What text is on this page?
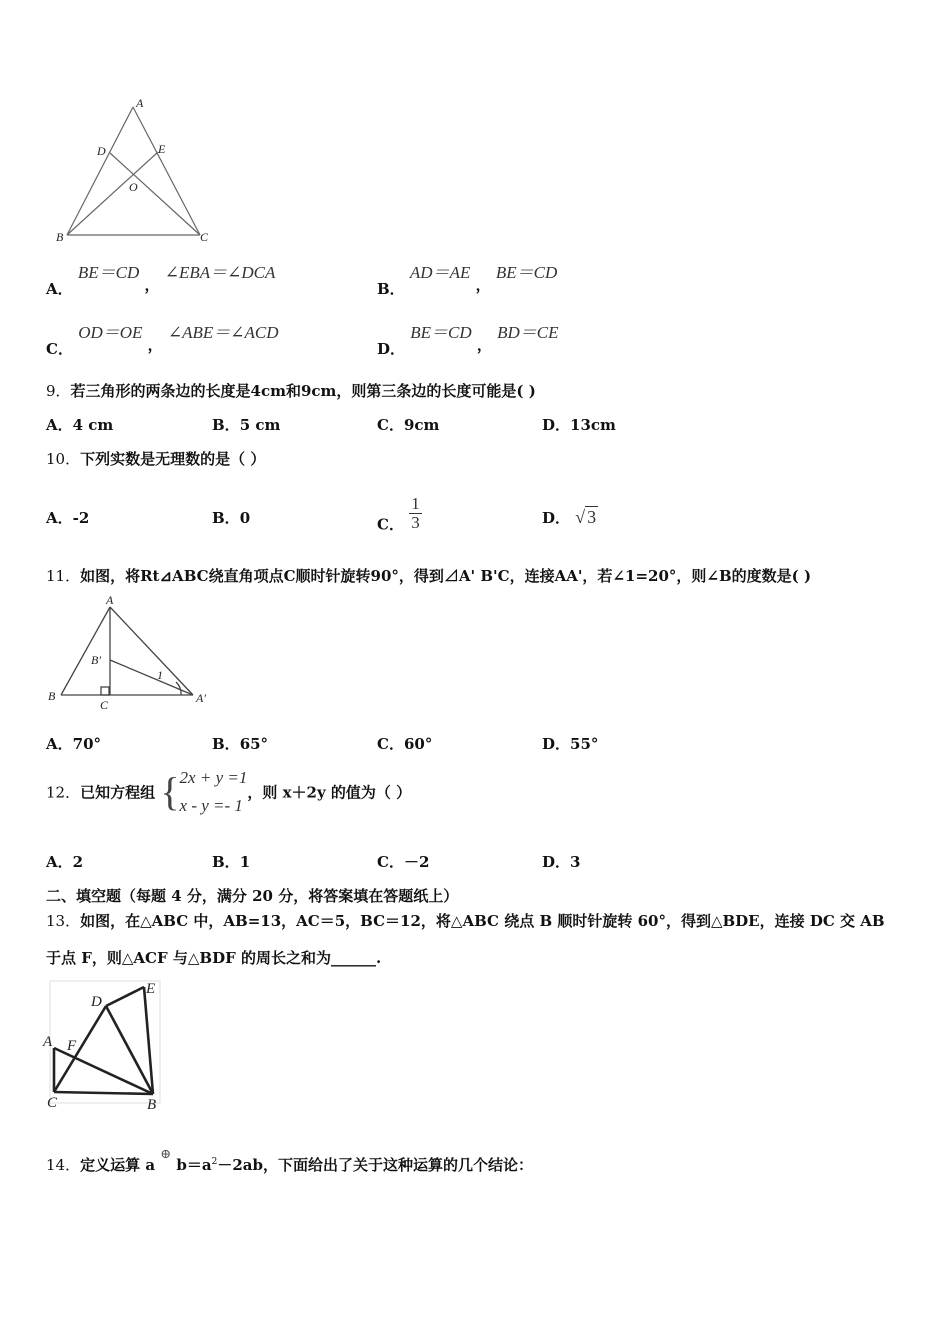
A
D	E
O
B	C
A． BE＝CD ， ∠EBA＝∠DCA
B． AD＝AE ， BE＝CD
C． OD＝OE ， ∠ABE＝∠ACD
D． BE＝CD ， BD＝CE
9．若三角形的两条边的长度是4cm和9cm，则第三条边的长度可能是( )
A．4 cm	B．5 cm	C．9cm	D．13cm
10．下列实数是无理数的是（ ）
A．-2	B．0	C． $\frac{1}{3}$	D． √ 3
11．如图，将Rt⊿ABC绕直角项点C顺时针旋转90°，得到⊿A' B'C，连接AA'，若∠1=20°，则∠B的度数是( )
A
B′
1
B
C	A′
A．70°	B．65°	C．60°	D．55°
12．已知方程组 { 2x + y =1
x - y =- 1
，则 x＋2y 的值为（ ）
A．2	B．1	C．－2	D．3
二、填空题（每题 4 分，满分 20 分，将答案填在答题纸上）
13．如图，在△ABC 中，AB=13，AC＝5，BC＝12，将△ABC 绕点 B 顺时针旋转 60°，得到△BDE，连接 DC 交 AB
于点 F，则△ACF 与△BDF 的周长之和为______.
D
E
A F
C	B
14．定义运算 a ⊕ $b=a^2-2ab$，下面给出了关于这种运算的几个结论：
